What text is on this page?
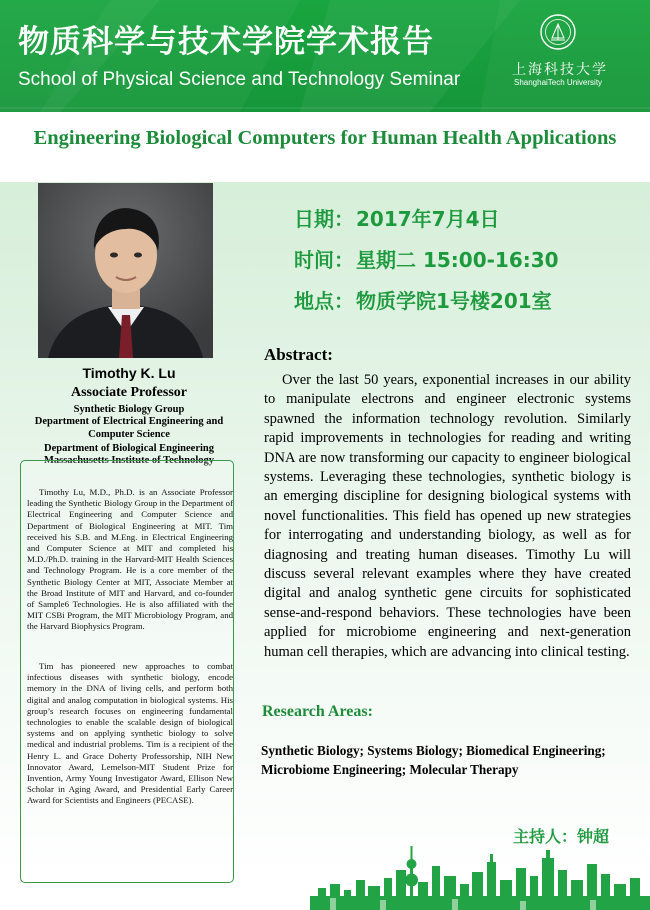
物质科学与技术学院学术报告
School of Physical Science and Technology Seminar	上海科技大学
ShanghaiTech University
Engineering Biological Computers for Human Health Applications
Timothy K. Lu
Associate Professor
Synthetic Biology Group
Department of Electrical Engineering and
Computer Science
Department of Biological Engineering
Massachusetts Institute of Technology

Timothy Lu, M.D., Ph.D. is an Associate Professor leading the Synthetic Biology Group in the Department of Electrical Engineering and Computer Science and Department of Biological Engineering at MIT. Tim received his S.B. and M.Eng. in Electrical Engineering and Computer Science at MIT and completed his M.D./Ph.D. training in the Harvard-MIT Health Sciences and Technology Program. He is a core member of the Synthetic Biology Center at MIT, Associate Member at the Broad Institute of MIT and Harvard, and co-founder of Sample6 Technologies. He is also affiliated with the MIT CSBi Program, the MIT Microbiology Program, and the Harvard Biophysics Program.

Tim has pioneered new approaches to combat infectious diseases with synthetic biology, encode memory in the DNA of living cells, and perform both digital and analog computation in biological systems. His group’s research focuses on engineering fundamental technologies to enable the scalable design of biological systems and on applying synthetic biology to solve medical and industrial problems. Tim is a recipient of the Henry L. and Grace Doherty Professorship, NIH New Innovator Award, Lemelson-MIT Student Prize for Invention, Army Young Investigator Award, Ellison New Scholar in Aging Award, and Presidential Early Career Award for Scientists and Engineers (PECASE).

日期： 2017年7月4日
时间： 星期二 15:00-16:30
地点： 物质学院1号楼201室
Abstract:

Over the last 50 years, exponential increases in our ability to manipulate electrons and engineer electronic systems spawned the information technology revolution. Similarly rapid improvements in technologies for reading and writing DNA are now transforming our capacity to engineer biological systems. Leveraging these technologies, synthetic biology is an emerging discipline for designing biological systems with novel functionalities. This field has opened up new strategies for interrogating and understanding biology, as well as for diagnosing and treating human diseases. Timothy Lu will discuss several relevant examples where they have created digital and analog synthetic gene circuits for sophisticated sense-and-respond behaviors. These technologies have been applied for microbiome engineering and next-generation human cell therapies, which are advancing into clinical testing.

Research Areas:
Synthetic Biology; Systems Biology; Biomedical Engineering;
Microbiome Engineering; Molecular Therapy
主持人：钟超
